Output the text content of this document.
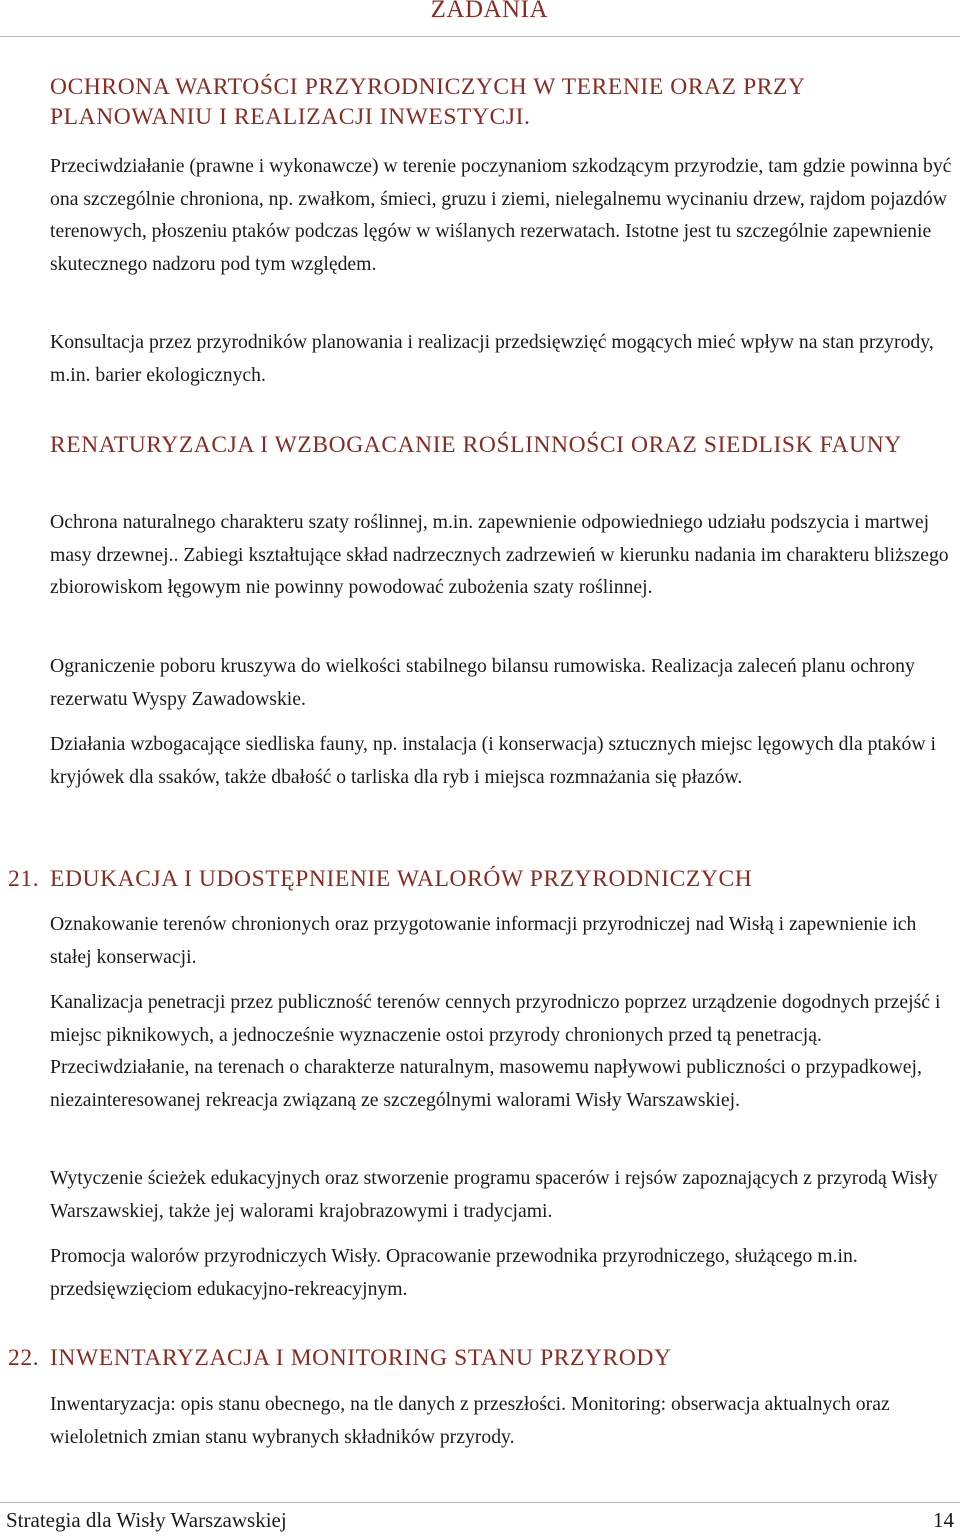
ZADANIA
OCHRONA WARTOŚCI PRZYRODNICZYCH W TERENIE ORAZ PRZY PLANOWANIU I REALIZACJI INWESTYCJI.

Przeciwdziałanie (prawne i wykonawcze) w terenie poczynaniom szkodzącym przyrodzie, tam gdzie powinna być ona szczególnie chroniona, np. zwałkom, śmieci, gruzu i ziemi, nielegalnemu wycinaniu drzew, rajdom pojazdów terenowych, płoszeniu ptaków podczas lęgów w wiślanych rezerwatach. Istotne jest tu szczególnie zapewnienie skutecznego nadzoru pod tym względem.

Konsultacja przez przyrodników planowania i realizacji przedsięwzięć mogących mieć wpływ na stan przyrody, m.in. barier ekologicznych.

RENATURYZACJA I WZBOGACANIE ROŚLINNOŚCI ORAZ SIEDLISK FAUNY

Ochrona naturalnego charakteru szaty roślinnej, m.in. zapewnienie odpowiedniego udziału podszycia i martwej masy drzewnej.. Zabiegi kształtujące skład nadrzecznych zadrzewień w kierunku nadania im charakteru bliższego zbiorowiskom łęgowym nie powinny powodować zubożenia szaty roślinnej.

Ograniczenie poboru kruszywa do wielkości stabilnego bilansu rumowiska. Realizacja zaleceń planu ochrony rezerwatu Wyspy Zawadowskie.

Działania wzbogacające siedliska fauny, np. instalacja (i konserwacja) sztucznych miejsc lęgowych dla ptaków i kryjówek dla ssaków, także dbałość o tarliska dla ryb i miejsca rozmnażania się płazów.

21. EDUKACJA I UDOSTĘPNIENIE WALORÓW PRZYRODNICZYCH

Oznakowanie terenów chronionych oraz przygotowanie informacji przyrodniczej nad Wisłą i zapewnienie ich stałej konserwacji.

Kanalizacja penetracji przez publiczność terenów cennych przyrodniczo poprzez urządzenie dogodnych przejść i miejsc piknikowych, a jednocześnie wyznaczenie ostoi przyrody chronionych przed tą penetracją. Przeciwdziałanie, na terenach o charakterze naturalnym, masowemu napływowi publiczności o przypadkowej, niezainteresowanej rekreacja związaną ze szczególnymi walorami Wisły Warszawskiej.

Wytyczenie ścieżek edukacyjnych oraz stworzenie programu spacerów i rejsów zapoznających z przyrodą Wisły Warszawskiej, także jej walorami krajobrazowymi i tradycjami.

Promocja walorów przyrodniczych Wisły. Opracowanie przewodnika przyrodniczego, służącego m.in. przedsięwzięciom edukacyjno-rekreacyjnym.

22. INWENTARYZACJA I MONITORING STANU PRZYRODY

Inwentaryzacja: opis stanu obecnego, na tle danych z przeszłości. Monitoring: obserwacja aktualnych oraz wieloletnich zmian stanu wybranych składników przyrody.

Strategia dla Wisły Warszawskiej	14
